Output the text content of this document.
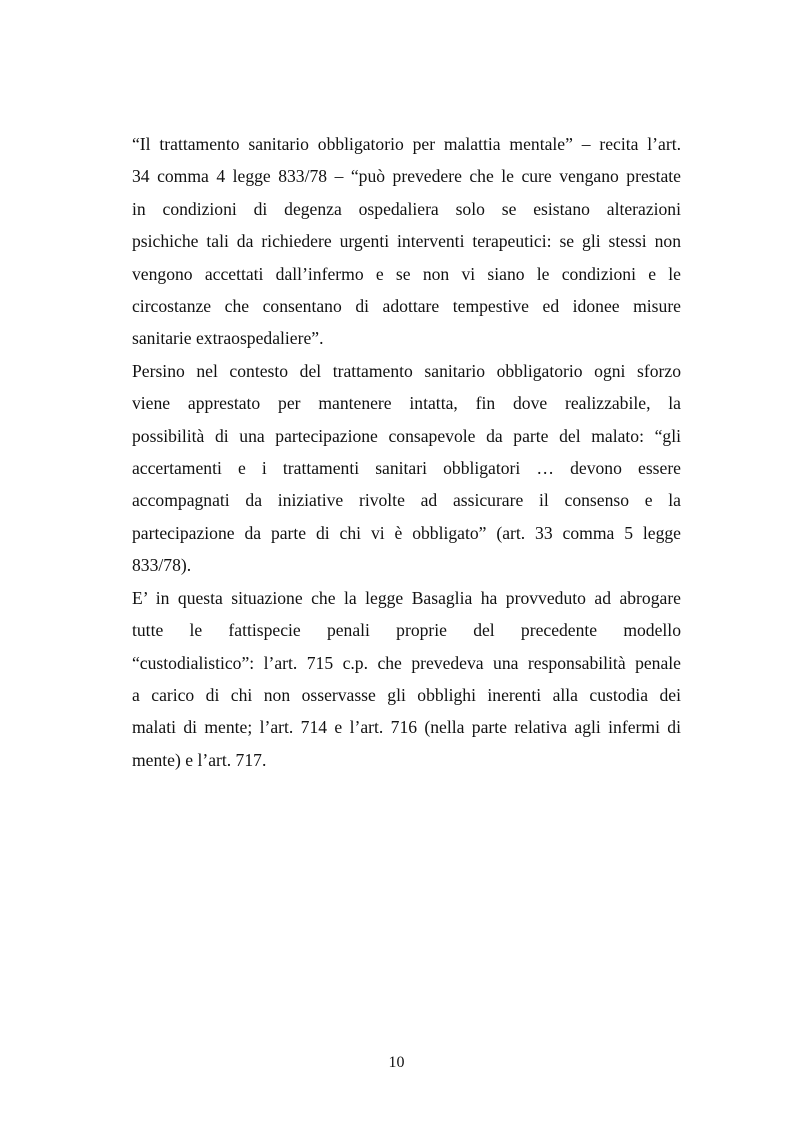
“Il trattamento sanitario obbligatorio per malattia mentale” – recita l’art.
34 comma 4 legge 833/78 – “può prevedere che le cure vengano prestate
in condizioni di degenza ospedaliera solo se esistano alterazioni
psichiche tali da richiedere urgenti interventi terapeutici: se gli stessi non
vengono accettati dall’infermo e se non vi siano le condizioni e le
circostanze che consentano di adottare tempestive ed idonee misure
sanitarie extraospedaliere”.
Persino nel contesto del trattamento sanitario obbligatorio ogni sforzo
viene apprestato per mantenere intatta, fin dove realizzabile, la
possibilità di una partecipazione consapevole da parte del malato: “gli
accertamenti e i trattamenti sanitari obbligatori … devono essere
accompagnati da iniziative rivolte ad assicurare il consenso e la
partecipazione da parte di chi vi è obbligato” (art. 33 comma 5 legge
833/78).
E’ in questa situazione che la legge Basaglia ha provveduto ad abrogare
tutte le fattispecie penali proprie del precedente modello
“custodialistico”: l’art. 715 c.p. che prevedeva una responsabilità penale
a carico di chi non osservasse gli obblighi inerenti alla custodia dei
malati di mente; l’art. 714 e l’art. 716 (nella parte relativa agli infermi di
mente) e l’art. 717.
10
